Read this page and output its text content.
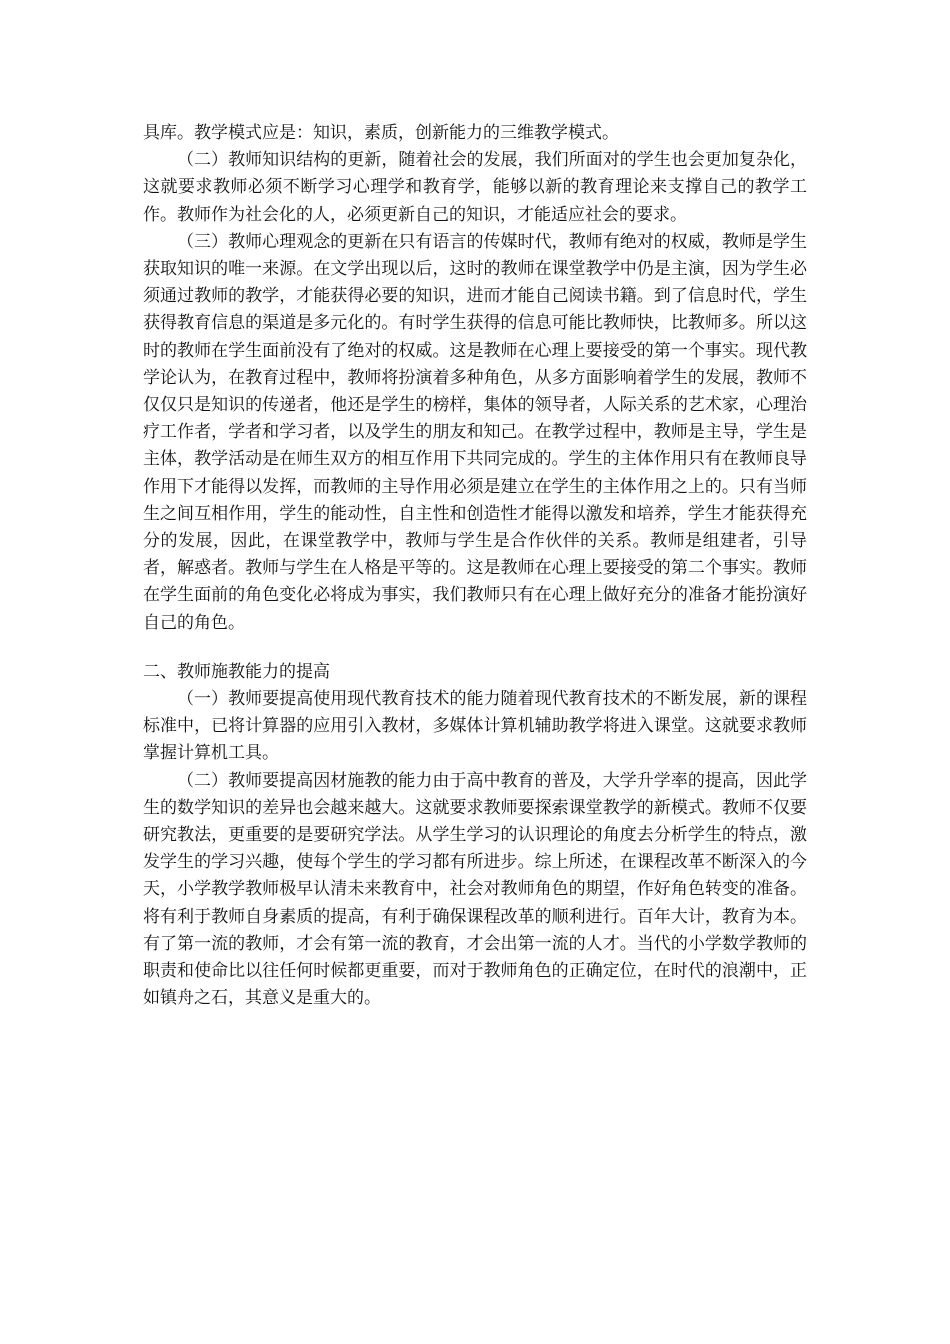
具库。教学模式应是：知识，素质，创新能力的三维教学模式。

（二）教师知识结构的更新，随着社会的发展，我们所面对的学生也会更加复杂化，这就要求教师必须不断学习心理学和教育学，能够以新的教育理论来支撑自己的教学工作。教师作为社会化的人，必须更新自己的知识，才能适应社会的要求。

（三）教师心理观念的更新在只有语言的传媒时代，教师有绝对的权威，教师是学生获取知识的唯一来源。在文学出现以后，这时的教师在课堂教学中仍是主演，因为学生必须通过教师的教学，才能获得必要的知识，进而才能自己阅读书籍。到了信息时代，学生获得教育信息的渠道是多元化的。有时学生获得的信息可能比教师快，比教师多。所以这时的教师在学生面前没有了绝对的权威。这是教师在心理上要接受的第一个事实。现代教学论认为，在教育过程中，教师将扮演着多种角色，从多方面影响着学生的发展，教师不仅仅只是知识的传递者，他还是学生的榜样，集体的领导者，人际关系的艺术家，心理治疗工作者，学者和学习者，以及学生的朋友和知己。在教学过程中，教师是主导，学生是主体，教学活动是在师生双方的相互作用下共同完成的。学生的主体作用只有在教师良导作用下才能得以发挥，而教师的主导作用必须是建立在学生的主体作用之上的。只有当师生之间互相作用，学生的能动性，自主性和创造性才能得以激发和培养，学生才能获得充分的发展，因此，在课堂教学中，教师与学生是合作伙伴的关系。教师是组建者，引导者，解惑者。教师与学生在人格是平等的。这是教师在心理上要接受的第二个事实。教师在学生面前的角色变化必将成为事实，我们教师只有在心理上做好充分的准备才能扮演好自己的角色。

二、教师施教能力的提高

（一）教师要提高使用现代教育技术的能力随着现代教育技术的不断发展，新的课程标准中，已将计算器的应用引入教材，多媒体计算机辅助教学将进入课堂。这就要求教师掌握计算机工具。

（二）教师要提高因材施教的能力由于高中教育的普及，大学升学率的提高，因此学生的数学知识的差异也会越来越大。这就要求教师要探索课堂教学的新模式。教师不仅要研究教法，更重要的是要研究学法。从学生学习的认识理论的角度去分析学生的特点，激发学生的学习兴趣，使每个学生的学习都有所进步。综上所述，在课程改革不断深入的今天，小学教学教师极早认清未来教育中，社会对教师角色的期望，作好角色转变的准备。将有利于教师自身素质的提高，有利于确保课程改革的顺利进行。百年大计，教育为本。有了第一流的教师，才会有第一流的教育，才会出第一流的人才。当代的小学数学教师的职责和使命比以往任何时候都更重要，而对于教师角色的正确定位，在时代的浪潮中，正如镇舟之石，其意义是重大的。
